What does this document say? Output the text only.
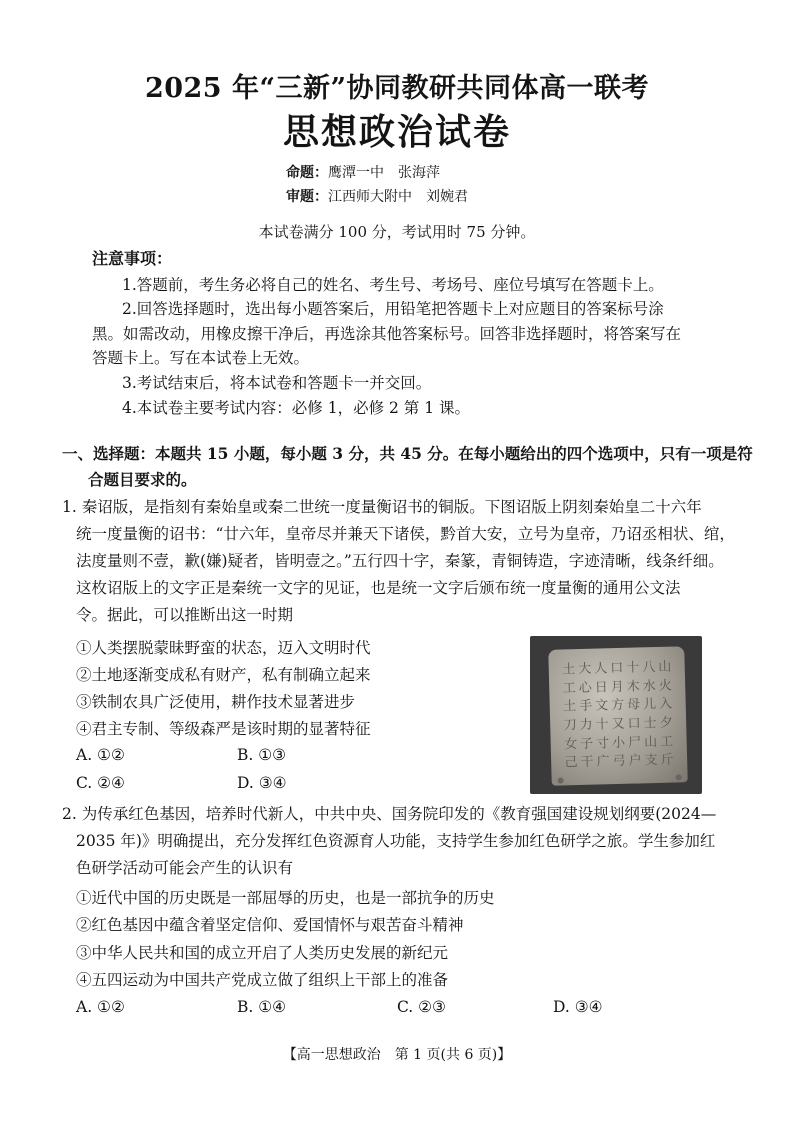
2025 年“三新”协同教研共同体高一联考
思想政治试卷
命题：鹰潭一中　张海萍
审题：江西师大附中　刘婉君
本试卷满分 100 分，考试用时 75 分钟。
注意事项：
1.答题前，考生务必将自己的姓名、考生号、考场号、座位号填写在答题卡上。
2.回答选择题时，选出每小题答案后，用铅笔把答题卡上对应题目的答案标号涂
黑。如需改动，用橡皮擦干净后，再选涂其他答案标号。回答非选择题时，将答案写在
答题卡上。写在本试卷上无效。
3.考试结束后，将本试卷和答题卡一并交回。
4.本试卷主要考试内容：必修 1，必修 2 第 1 课。
一、选择题：本题共 15 小题，每小题 3 分，共 45 分。在每小题给出的四个选项中，只有一项是符
合题目要求的。
1. 秦诏版，是指刻有秦始皇或秦二世统一度量衡诏书的铜版。下图诏版上阴刻秦始皇二十六年
统一度量衡的诏书：“廿六年，皇帝尽并兼天下诸侯，黔首大安，立号为皇帝，乃诏丞相状、绾，
法度量则不壹，歉(嫌)疑者，皆明壹之。”五行四十字，秦篆，青铜铸造，字迹清晰，线条纤细。
这枚诏版上的文字正是秦统一文字的见证，也是统一文字后颁布统一度量衡的通用公文法
令。据此，可以推断出这一时期
①人类摆脱蒙昧野蛮的状态，迈入文明时代
②土地逐渐变成私有财产，私有制确立起来
③铁制农具广泛使用，耕作技术显著进步
④君主专制、等级森严是该时期的显著特征
A. ①②	B. ①③
C. ②④	D. ③④
⼟ ⼤ ⼈ ⼝ ⼗ ⼋ ⼭
⼯ ⼼ ⽇ ⽉ ⽊ ⽔ ⽕
⼟ ⼿ ⽂ ⽅ ⺟ ⼉ ⼊
⼑ ⼒ ⼗ ⼜ ⼝ ⼠ ⼣
⼥ ⼦ ⼨ ⼩ ⼫ ⼭ ⼯
⼰ ⼲ ⼴ ⼸ ⼾ ⽀ ⽄
2. 为传承红色基因，培养时代新人，中共中央、国务院印发的《教育强国建设规划纲要(2024—
2035 年)》明确提出，充分发挥红色资源育人功能，支持学生参加红色研学之旅。学生参加红
色研学活动可能会产生的认识有
①近代中国的历史既是一部屈辱的历史，也是一部抗争的历史
②红色基因中蕴含着坚定信仰、爱国情怀与艰苦奋斗精神
③中华人民共和国的成立开启了人类历史发展的新纪元
④五四运动为中国共产党成立做了组织上干部上的准备
A. ①②	B. ①④	C. ②③	D. ③④
【高一思想政治　第 1 页(共 6 页)】
